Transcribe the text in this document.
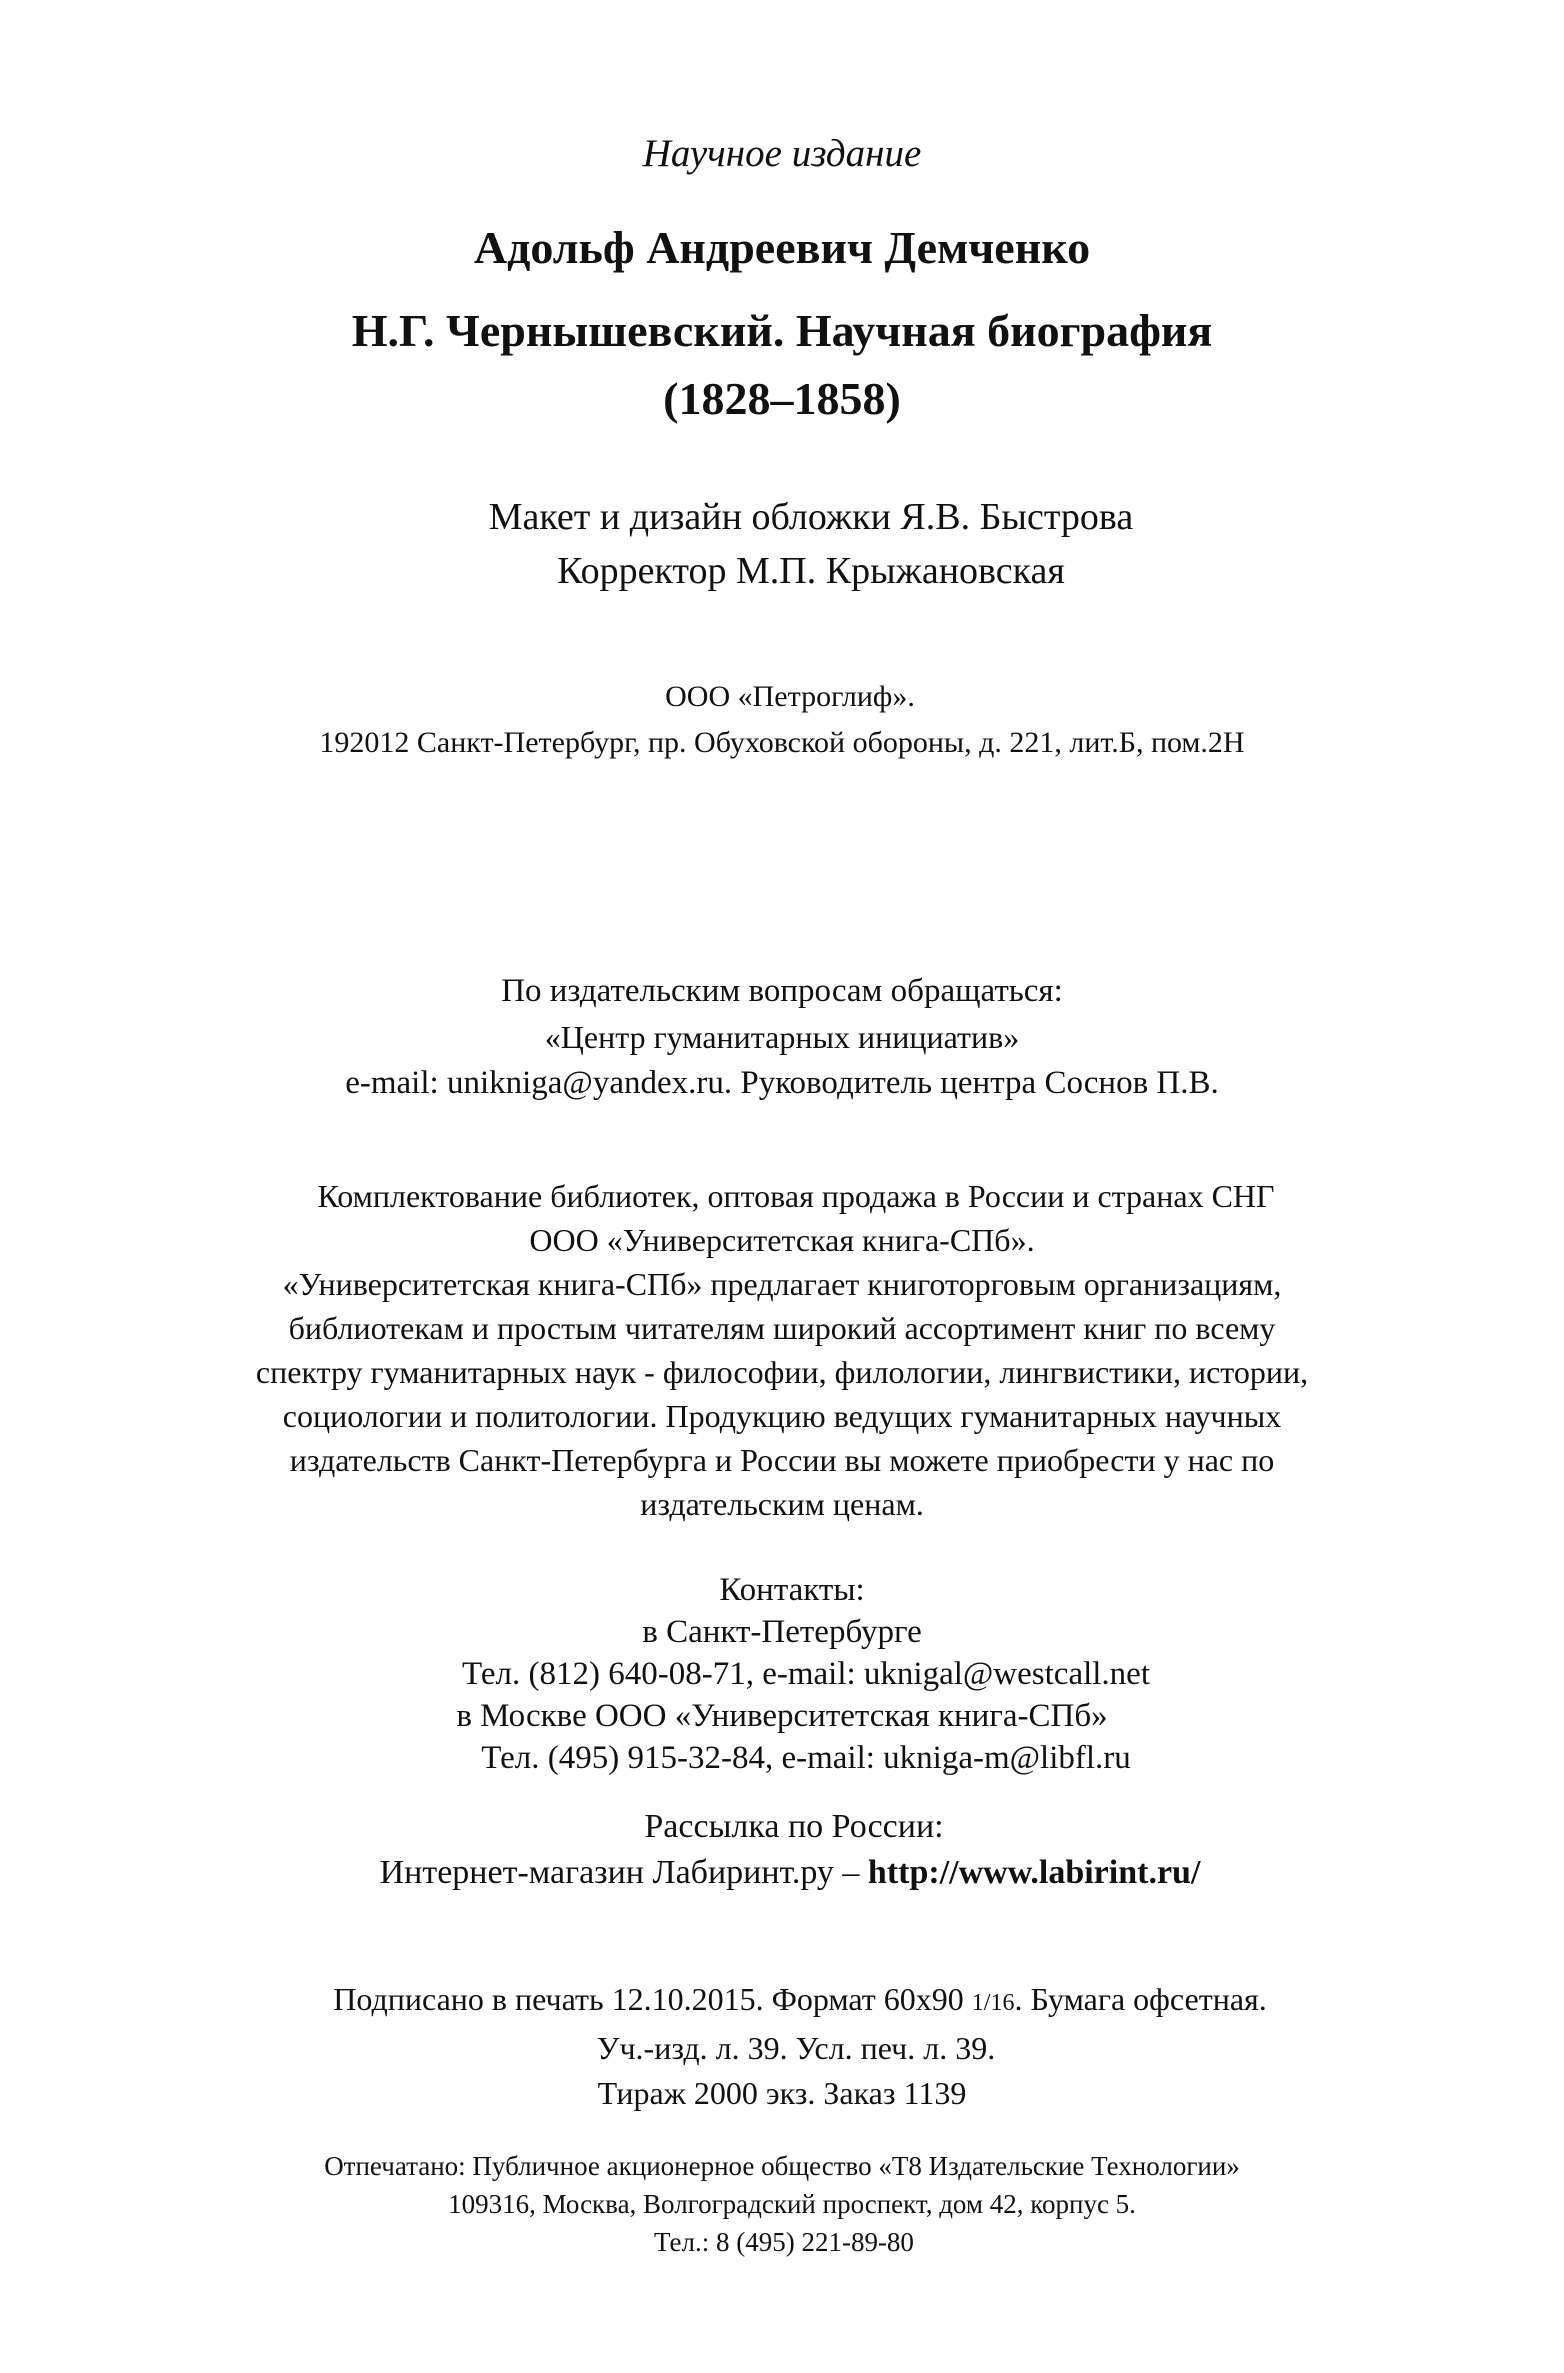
Научное издание
Адольф Андреевич Демченко
Н.Г. Чернышевский. Научная биография
(1828–1858)
Макет и дизайн обложки Я.В. Быстрова
Корректор М.П. Крыжановская
ООО «Петроглиф».
192012 Санкт-Петербург, пр. Обуховской обороны, д. 221, лит.Б, пом.2Н
По издательским вопросам обращаться:
«Центр гуманитарных инициатив»
e-mail: unikniga@yandex.ru. Руководитель центра Соснов П.В.
Комплектование библиотек, оптовая продажа в России и странах СНГ
ООО «Университетская книга-СПб».
«Университетская книга-СПб» предлагает книготорговым организациям,
библиотекам и простым читателям широкий ассортимент книг по всему
спектру гуманитарных наук - философии, филологии, лингвистики, истории,
социологии и политологии. Продукцию ведущих гуманитарных научных
издательств Санкт-Петербурга и России вы можете приобрести у нас по
издательским ценам.
Контакты:
в Санкт-Петербурге
Тел. (812) 640-08-71, e-mail: uknigal@westcall.net
в Москве ООО «Университетская книга-СПб»
Тел. (495) 915-32-84, e-mail: ukniga-m@libfl.ru
Рассылка по России:
Интернет-магазин Лабиринт.ру – http://www.labirint.ru/
Подписано в печать 12.10.2015. Формат 60x90 1/16. Бумага офсетная.
Уч.-изд. л. 39. Усл. печ. л. 39.
Тираж 2000 экз. Заказ 1139
Отпечатано: Публичное акционерное общество «Т8 Издательские Технологии»
109316, Москва, Волгоградский проспект, дом 42, корпус 5.
Тел.: 8 (495) 221-89-80
